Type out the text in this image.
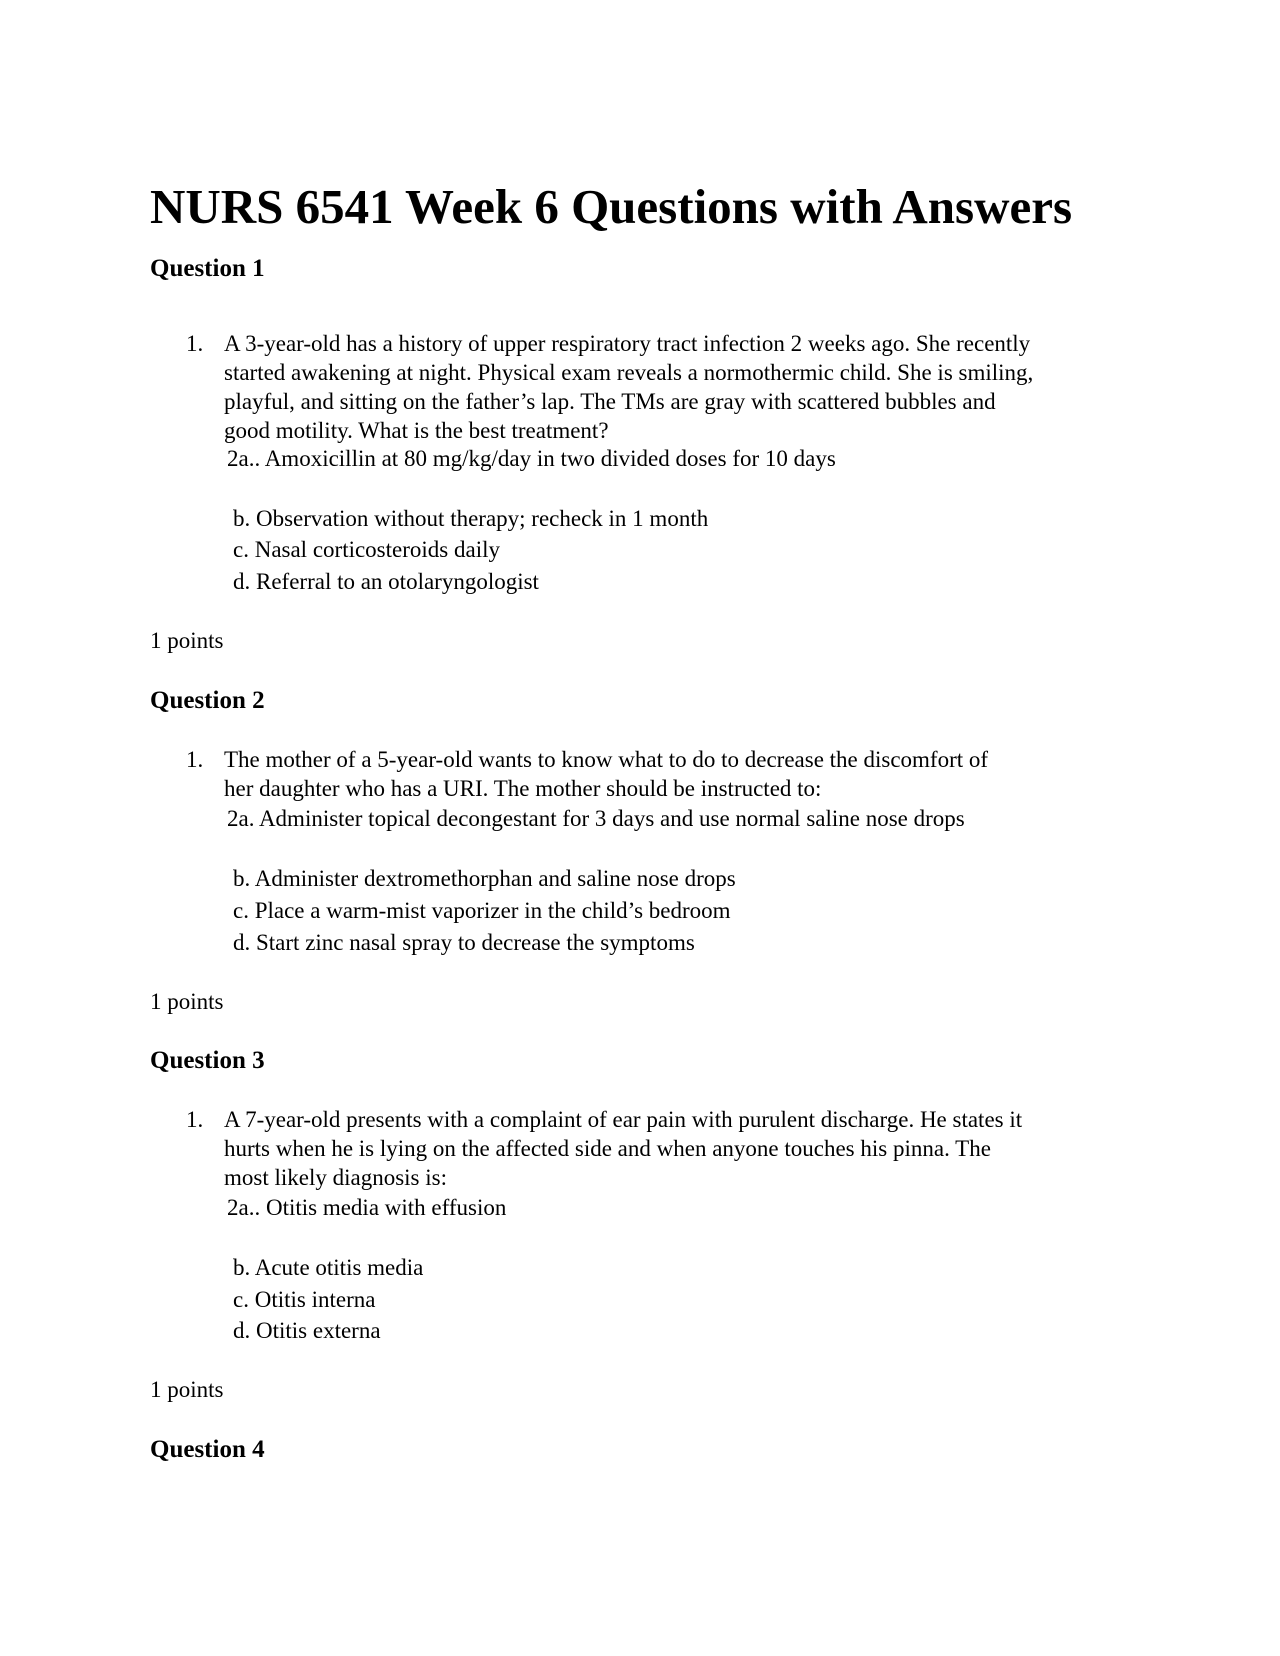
NURS 6541 Week 6 Questions with Answers
Question 1
1. A 3-year-old has a history of upper respiratory tract infection 2 weeks ago. She recently
started awakening at night. Physical exam reveals a normothermic child. She is smiling,
playful, and sitting on the father’s lap. The TMs are gray with scattered bubbles and
good motility. What is the best treatment?
2a.. Amoxicillin at 80 mg/kg/day in two divided doses for 10 days
b. Observation without therapy; recheck in 1 month
c. Nasal corticosteroids daily
d. Referral to an otolaryngologist
1 points
Question 2
1. The mother of a 5-year-old wants to know what to do to decrease the discomfort of
her daughter who has a URI. The mother should be instructed to:
2a. Administer topical decongestant for 3 days and use normal saline nose drops
b. Administer dextromethorphan and saline nose drops
c. Place a warm-mist vaporizer in the child’s bedroom
d. Start zinc nasal spray to decrease the symptoms
1 points
Question 3
1. A 7-year-old presents with a complaint of ear pain with purulent discharge. He states it
hurts when he is lying on the affected side and when anyone touches his pinna. The
most likely diagnosis is:
2a.. Otitis media with effusion
b. Acute otitis media
c. Otitis interna
d. Otitis externa
1 points
Question 4
